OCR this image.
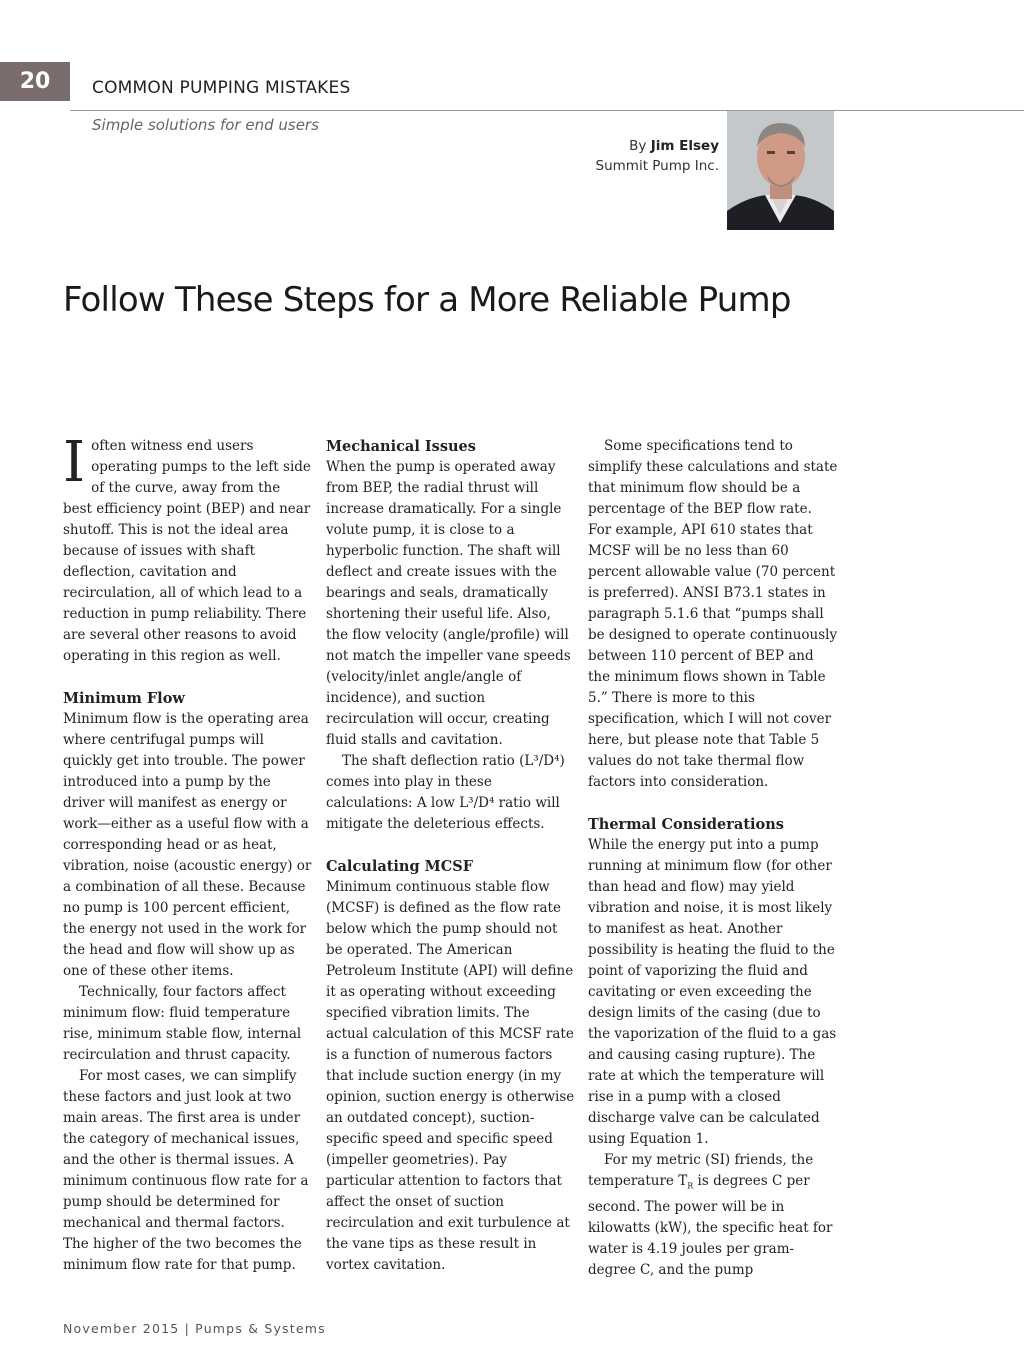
20	COMMON PUMPING MISTAKES
Simple solutions for end users
By Jim Elsey
Summit Pump Inc.
Follow These Steps for a More Reliable Pump

Ioften witness end users operating pumps to the left side of the curve, away from the best efficiency point (BEP) and near shutoff. This is not the ideal area because of issues with shaft deflection, cavitation and recirculation, all of which lead to a reduction in pump reliability. There are several other reasons to avoid operating in this region as well.

Minimum Flow

Minimum flow is the operating area where centrifugal pumps will quickly get into trouble. The power introduced into a pump by the driver will manifest as energy or work—either as a useful flow with a corresponding head or as heat, vibration, noise (acoustic energy) or a combination of all these. Because no pump is 100 percent efficient, the energy not used in the work for the head and flow will show up as one of these other items.

Technically, four factors affect minimum flow: fluid temperature rise, minimum stable flow, internal recirculation and thrust capacity.

For most cases, we can simplify these factors and just look at two main areas. The first area is under the category of mechanical issues, and the other is thermal issues. A minimum continuous flow rate for a pump should be determined for mechanical and thermal factors. The higher of the two becomes the minimum flow rate for that pump.

Mechanical Issues

When the pump is operated away from BEP, the radial thrust will increase dramatically. For a single volute pump, it is close to a hyperbolic function. The shaft will deflect and create issues with the bearings and seals, dramatically shortening their useful life. Also, the flow velocity (angle/profile) will not match the impeller vane speeds (velocity/inlet angle/angle of incidence), and suction recirculation will occur, creating fluid stalls and cavitation.

The shaft deflection ratio (L³/D⁴) comes into play in these calculations: A low L³/D⁴ ratio will mitigate the deleterious effects.

Calculating MCSF

Minimum continuous stable flow (MCSF) is defined as the flow rate below which the pump should not be operated. The American Petroleum Institute (API) will define it as operating without exceeding specified vibration limits. The actual calculation of this MCSF rate is a function of numerous factors that include suction energy (in my opinion, suction energy is otherwise an outdated concept), suction-specific speed and specific speed (impeller geometries). Pay particular attention to factors that affect the onset of suction recirculation and exit turbulence at the vane tips as these result in vortex cavitation.

Some specifications tend to simplify these calculations and state that minimum flow should be a percentage of the BEP flow rate. For example, API 610 states that MCSF will be no less than 60 percent allowable value (70 percent is preferred). ANSI B73.1 states in paragraph 5.1.6 that “pumps shall be designed to operate continuously between 110 percent of BEP and the minimum flows shown in Table 5.” There is more to this specification, which I will not cover here, but please note that Table 5 values do not take thermal flow factors into consideration.

Thermal Considerations

While the energy put into a pump running at minimum flow (for other than head and flow) may yield vibration and noise, it is most likely to manifest as heat. Another possibility is heating the fluid to the point of vaporizing the fluid and cavitating or even exceeding the design limits of the casing (due to the vaporization of the fluid to a gas and causing casing rupture). The rate at which the temperature will rise in a pump with a closed discharge valve can be calculated using Equation 1.

For my metric (SI) friends, the temperature $T_R$ is degrees C per second. The power will be in kilowatts (kW), the specific heat for water is 4.19 joules per gram-degree C, and the pump

November 2015 | Pumps & Systems
